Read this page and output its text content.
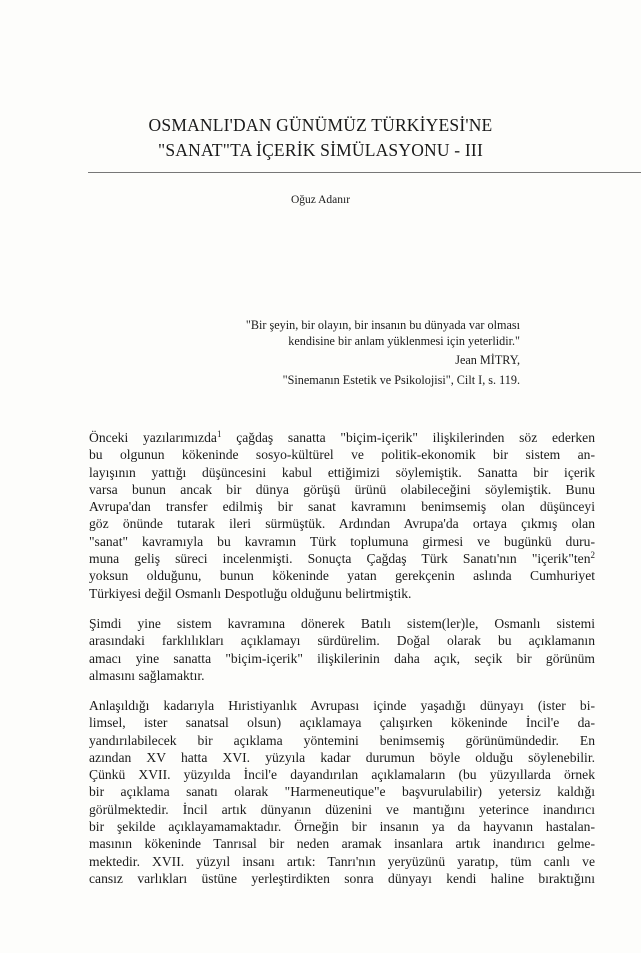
OSMANLI'DAN GÜNÜMÜZ TÜRKİYESİ'NE
"SANAT"TA İÇERİK SİMÜLASYONU - III
Oğuz Adanır
"Bir şeyin, bir olayın, bir insanın bu dünyada var olması
kendisine bir anlam yüklenmesi için yeterlidir."
Jean MİTRY,
"Sinemanın Estetik ve Psikolojisi", Cilt I, s. 119.
Önceki yazılarımızda$^1$ çağdaş sanatta "biçim-içerik" ilişkilerinden söz ederken
bu olgunun kökeninde sosyo-kültürel ve politik-ekonomik bir sistem an-
layışının yattığı düşüncesini kabul ettiğimizi söylemiştik. Sanatta bir içerik
varsa bunun ancak bir dünya görüşü ürünü olabileceğini söylemiştik. Bunu
Avrupa'dan transfer edilmiş bir sanat kavramını benimsemiş olan düşünceyi
göz önünde tutarak ileri sürmüştük. Ardından Avrupa'da ortaya çıkmış olan
"sanat" kavramıyla bu kavramın Türk toplumuna girmesi ve bugünkü duru-
muna geliş süreci incelenmişti. Sonuçta Çağdaş Türk Sanatı'nın "içerik"ten$^2$
yoksun olduğunu, bunun kökeninde yatan gerekçenin aslında Cumhuriyet
Türkiyesi değil Osmanlı Despotluğu olduğunu belirtmiştik.
Şimdi yine sistem kavramına dönerek Batılı sistem(ler)le, Osmanlı sistemi
arasındaki farklılıkları açıklamayı sürdürelim. Doğal olarak bu açıklamanın
amacı yine sanatta "biçim-içerik" ilişkilerinin daha açık, seçik bir görünüm
almasını sağlamaktır.
Anlaşıldığı kadarıyla Hıristiyanlık Avrupası içinde yaşadığı dünyayı (ister bi-
limsel, ister sanatsal olsun) açıklamaya çalışırken kökeninde İncil'e da-
yandırılabilecek bir açıklama yöntemini benimsemiş görünümündedir. En
azından XV hatta XVI. yüzyıla kadar durumun böyle olduğu söylenebilir.
Çünkü XVII. yüzyılda İncil'e dayandırılan açıklamaların (bu yüzyıllarda örnek
bir açıklama sanatı olarak "Harmeneutique"e başvurulabilir) yetersiz kaldığı
görülmektedir. İncil artık dünyanın düzenini ve mantığını yeterince inandırıcı
bir şekilde açıklayamamaktadır. Örneğin bir insanın ya da hayvanın hastalan-
masının kökeninde Tanrısal bir neden aramak insanlara artık inandırıcı gelme-
mektedir. XVII. yüzyıl insanı artık: Tanrı'nın yeryüzünü yaratıp, tüm canlı ve
cansız varlıkları üstüne yerleştirdikten sonra dünyayı kendi haline bıraktığını
